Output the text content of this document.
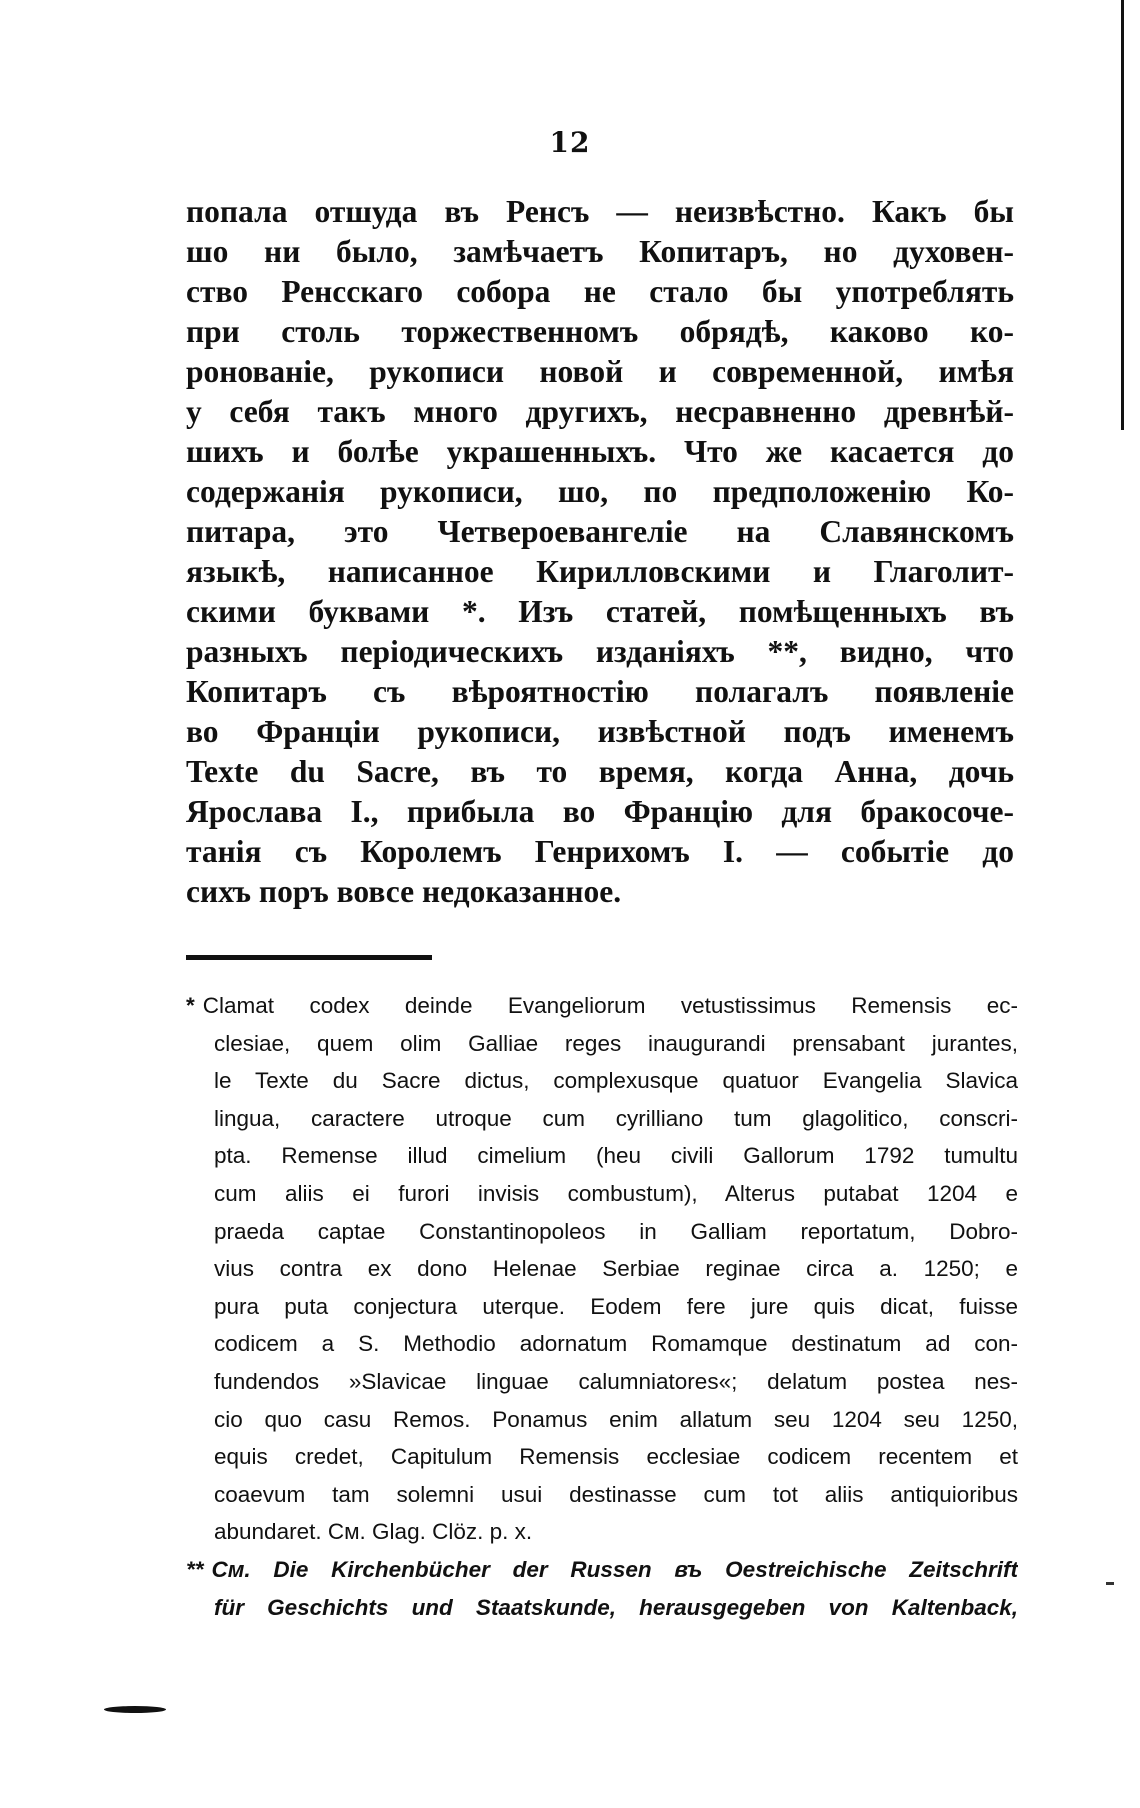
12
попала отшуда въ Ренсъ — неизвѣстно. Какъ бы
шо ни было, замѣчаетъ Копитаръ, но духовен-
ство Ренсскаго собора не стало бы употреблять
при столь торжественномъ обрядѣ, каково ко-
ронованіе, рукописи новой и современной, имѣя
у себя такъ много другихъ, несравненно древнѣй-
шихъ и болѣе украшенныхъ. Что же касается до
содержанія рукописи, шо, по предположенію Ко-
питара, это Четвероевангеліе на Славянскомъ
языкѣ, написанное Кирилловскими и Глаголит-
скими буквами *. Изъ статей, помѣщенныхъ въ
разныхъ періодическихъ изданіяхъ **, видно, что
Копитаръ съ вѣроятностію полагалъ появленіе
во Франціи рукописи, извѣстной подъ именемъ
Texte du Sacre, въ то время, когда Анна, дочь
Ярослава I., прибыла во Францію для бракосоче-
танія съ Королемъ Генрихомъ I. — событіе до
сихъ поръ вовсе недоказанное.
* Clamat codex deinde Evangeliorum vetustissimus Remensis ec-
clesiae, quem olim Galliae reges inaugurandi prensabant jurantes,
le Texte du Sacre dictus, complexusque quatuor Evangelia Slavica
lingua, caractere utroque cum cyrilliano tum glagolitico, conscri-
pta. Remense illud cimelium (heu civili Gallorum 1792 tumultu
cum aliis ei furori invisis combustum), Alterus putabat 1204 e
praeda captae Constantinopoleos in Galliam reportatum, Dobro-
vius contra ex dono Helenae Serbiae reginae circa a. 1250; e
pura puta conjectura uterque. Eodem fere jure quis dicat, fuisse
codicem a S. Methodio adornatum Romamque destinatum ad con-
fundendos »Slavicae linguae calumniatores«; delatum postea nes-
cio quo casu Remos. Ponamus enim allatum seu 1204 seu 1250,
equis credet, Capitulum Remensis ecclesiae codicem recentem et
coaevum tam solemni usui destinasse cum tot aliis antiquioribus
abundaret. См. Glag. Clöz. p. x.
** См. Die Kirchenbücher der Russen въ Oestreichische Zeitschrift
für Geschichts und Staatskunde, herausgegeben von Kaltenback,
